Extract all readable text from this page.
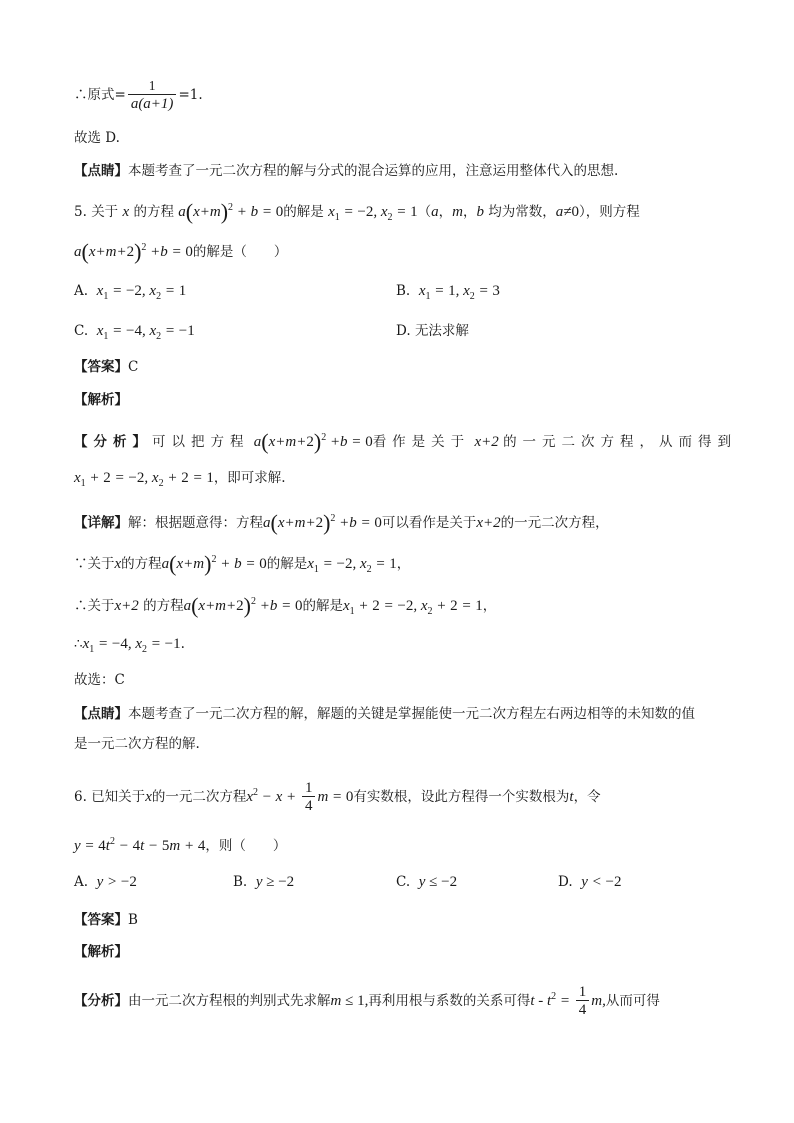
∴原式= $\frac{1}{a(a+1)} =1$.
故选 D.
【点睛】本题考查了一元二次方程的解与分式的混合运算的应用，注意运用整体代入的思想.
5. 关于 x 的方程 $a(x+m)^2 + b = 0$的解是 $x_1 = -2$, $x_2 = 1(a$，m，b 均为常数，a≠0），则方程
$a(x+m+2)^2 +b = 0$的解是（　　）
A. $x_1 = -2$, $x_2 = 1$	B. $x_1 = 1$, $x_2 = 3$
C. $x_1 = -4$, $x_2 = -1$	D. 无法求解
【答案】C
【解析】
【分析】可以把方程 $a(x+m+2)^2 +b = 0$看作是关于 x+2 的一元二次方程，从而得到
$x_1 + 2 = -2$, $x_2 + 2 = 1$，即可求解.
【详解】解：根据题意得：方程$a(x+m+2)^2 +b = 0$可以看作是关于x+2的一元二次方程，
∵关于x的方程$a(x+m)^2 + b = 0$的解是$x_1 = -2$, $x_2 = 1$，
∴关于x+2 的方程$a(x+m+2)^2 +b = 0$的解是$x_1 + 2 = -2$, $x_2 + 2 = 1$，
$\therefore x_1 = -4$, $x_2 = -1$.
故选：C
【点睛】本题考查了一元二次方程的解，解题的关键是掌握能使一元二次方程左右两边相等的未知数的值
是一元二次方程的解.
6. 已知关于x的一元二次方程$x^2 - x + \frac{1}{4}$ m = 0有实数根，设此方程得一个实数根为t，令
$y = 4t^2 - 4t - 5m + 4$，则（　　）
A. y > −2	B. y ≥ −2	C. y ≤ −2	D. y < −2
【答案】B
【解析】
【分析】由一元二次方程根的判别式先求解m ≤ 1,再利用根与系数的关系可得$t - t^2 = \frac{1}{4} m$,从而可得
